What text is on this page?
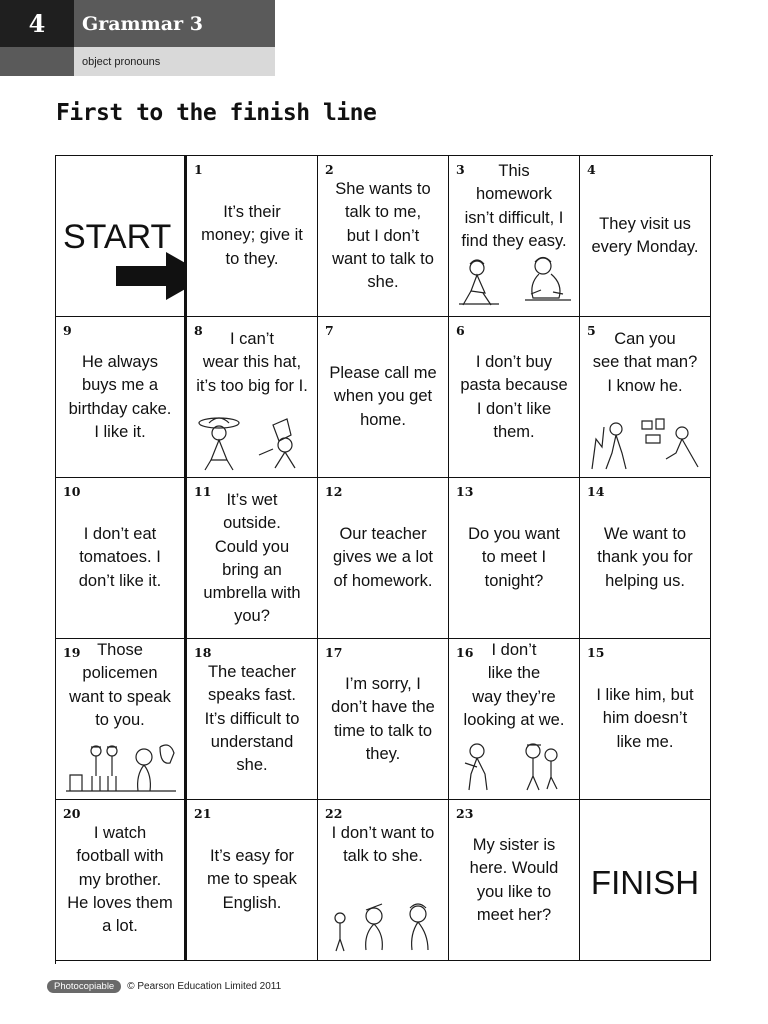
4	Grammar 3
object pronouns
First to the finish line
START
1
It’s their
money; give it
to they.
2
She wants to
talk to me,
but I don’t
want to talk to
she.
3	This
homework
isn’t difficult, I
find they easy.
4
They visit us
every Monday.
9
He always
buys me a
birthday cake.
I like it.
8	I can’t
wear this hat,
it’s too big for I.
7
Please call me
when you get
home.
6
I don’t buy
pasta because
I don’t like
them.
5	Can you
see that man?
I know he.
10
I don’t eat
tomatoes. I
don’t like it.
11 It’s wet
outside.
Could you
bring an
umbrella with
you?
12
Our teacher
gives we a lot
of homework.
13
Do you want
to meet I
tonight?
14
We want to
thank you for
helping us.
19	Those
policemen
want to speak
to you.
18
The teacher
speaks fast.
It’s difficult to
understand
she.
17
I’m sorry, I
don’t have the
time to talk to
they.
16	I don’t
like the
way they’re
looking at we.
15
I like him, but
him doesn’t
like me.
20
I watch
football with
my brother.
He loves them
a lot.
21
It’s easy for
me to speak
English.
22
I don’t want to
talk to she.
23
My sister is
here. Would
you like to
meet her?
FINISH
Photocopiable	© Pearson Education Limited 2011
